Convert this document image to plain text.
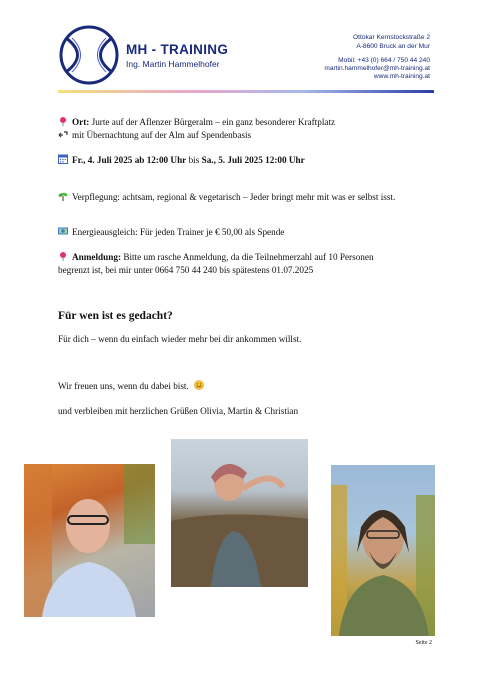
MH - TRAINING
Ing. Martin Hammelhofer
Ottokar Kernstockstraße 2
A-8600 Bruck an der Mur
Mobil: +43 (0) 664 / 750 44 240
martin.hammelhofer@mh-training.at
www.mh-training.at
Ort: Jurte auf der Aflenzer Bürgeralm – ein ganz besonderer Kraftplatz
mit Übernachtung auf der Alm auf Spendenbasis
Fr., 4. Juli 2025 ab 12:00 Uhr bis Sa., 5. Juli 2025 12:00 Uhr
Verpflegung: achtsam, regional & vegetarisch – Jeder bringt mehr mit was er selbst isst.
Energieausgleich: Für jeden Trainer je € 50,00 als Spende
Anmeldung: Bitte um rasche Anmeldung, da die Teilnehmerzahl auf 10 Personen
begrenzt ist, bei mir unter 0664 750 44 240 bis spätestens 01.07.2025
Für wen ist es gedacht?
Für dich – wenn du einfach wieder mehr bei dir ankommen willst.
Wir freuen uns, wenn du dabei bist.
und verbleiben mit herzlichen Grüßen Olivia, Martin & Christian
Seite 2
